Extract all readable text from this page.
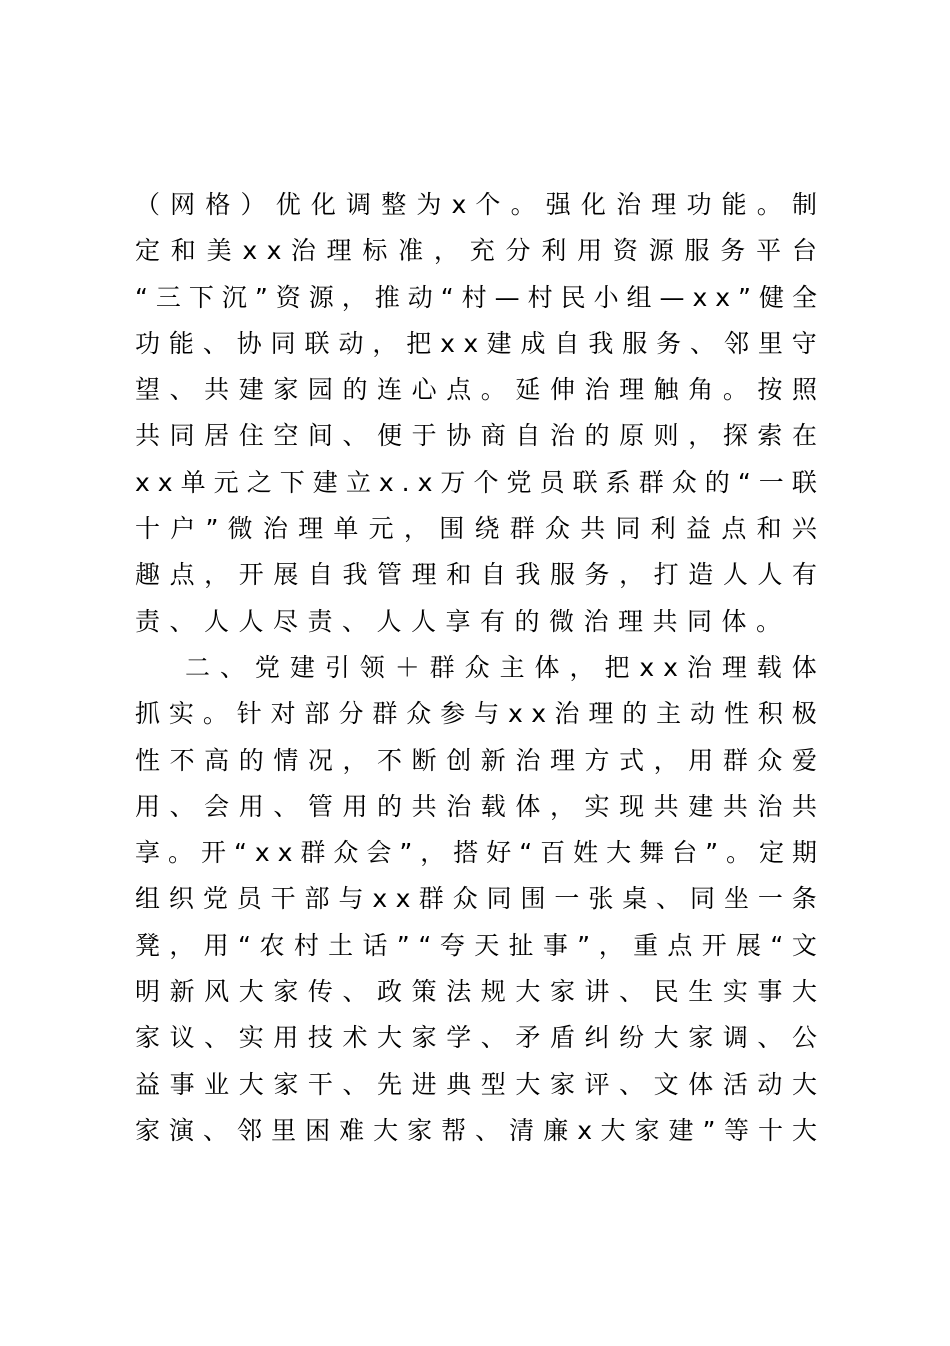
（ 网 格 ） 优 化 调 整 为 x 个 。 强 化 治 理 功 能 。 制
定 和 美 x x 治 理 标 准 ， 充 分 利 用 资 源 服 务 平 台
“ 三 下 沉 ” 资 源 ， 推 动 “ 村 — 村 民 小 组 — x x ” 健 全
功 能 、 协 同 联 动 ， 把 x x 建 成 自 我 服 务 、 邻 里 守
望 、 共 建 家 园 的 连 心 点 。 延 伸 治 理 触 角 。 按 照
共 同 居 住 空 间 、 便 于 协 商 自 治 的 原 则 ， 探 索 在
x x 单 元 之 下 建 立 x . x 万 个 党 员 联 系 群 众 的 “ 一 联
十 户 ” 微 治 理 单 元 ， 围 绕 群 众 共 同 利 益 点 和 兴
趣 点 ， 开 展 自 我 管 理 和 自 我 服 务 ， 打 造 人 人 有
责、人人尽责、人人享有的微治理共同体。
二 、 党 建 引 领 ＋ 群 众 主 体 ， 把 x x 治 理 载 体
抓 实 。 针 对 部 分 群 众 参 与 x x 治 理 的 主 动 性 积 极
性 不 高 的 情 况 ， 不 断 创 新 治 理 方 式 ， 用 群 众 爱
用 、 会 用 、 管 用 的 共 治 载 体 ， 实 现 共 建 共 治 共
享 。 开 “ x x 群 众 会 ” ， 搭 好 “ 百 姓 大 舞 台 ” 。 定 期
组 织 党 员 干 部 与 x x 群 众 同 围 一 张 桌 、 同 坐 一 条
凳 ， 用 “ 农 村 土 话 ” “ 夸 天 扯 事 ” ， 重 点 开 展 “ 文
明 新 风 大 家 传 、 政 策 法 规 大 家 讲 、 民 生 实 事 大
家 议 、 实 用 技 术 大 家 学 、 矛 盾 纠 纷 大 家 调 、 公
益 事 业 大 家 干 、 先 进 典 型 大 家 评 、 文 体 活 动 大
家 演 、 邻 里 困 难 大 家 帮 、 清 廉 x 大 家 建 ” 等 十 大
